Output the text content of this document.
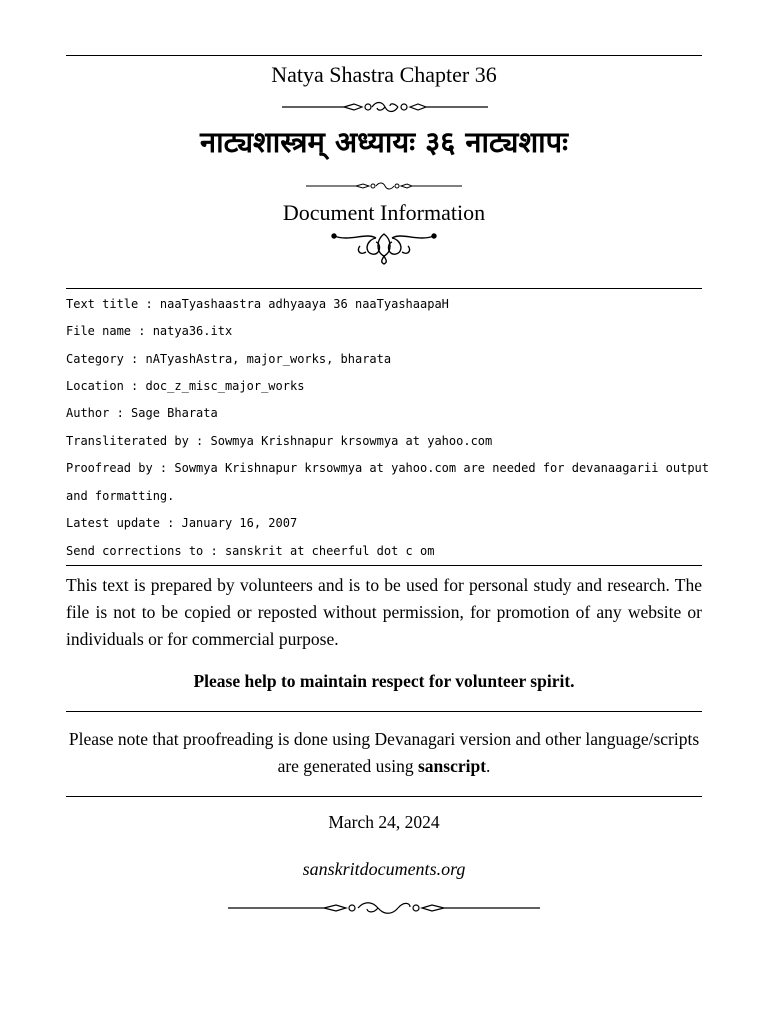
Natya Shastra Chapter 36
नाट्यशास्त्रम् अध्यायः ३६ नाट्यशापः
Document Information
Text title : naaTyashaastra adhyaaya 36 naaTyashaapaH
File name : natya36.itx
Category : nATyashAstra, major_works, bharata
Location : doc_z_misc_major_works
Author : Sage Bharata
Transliterated by : Sowmya Krishnapur krsowmya at yahoo.com
Proofread by : Sowmya Krishnapur krsowmya at yahoo.com are needed for devanaagarii output
and formatting.
Latest update : January 16, 2007
Send corrections to : sanskrit at cheerful dot c om
This text is prepared by volunteers and is to be used for personal study and research. The file is not to be copied or reposted without permission, for promotion of any website or individuals or for commercial purpose.
Please help to maintain respect for volunteer spirit.
Please note that proofreading is done using Devanagari version and other language/scripts are generated using sanscript.
March 24, 2024
sanskritdocuments.org
